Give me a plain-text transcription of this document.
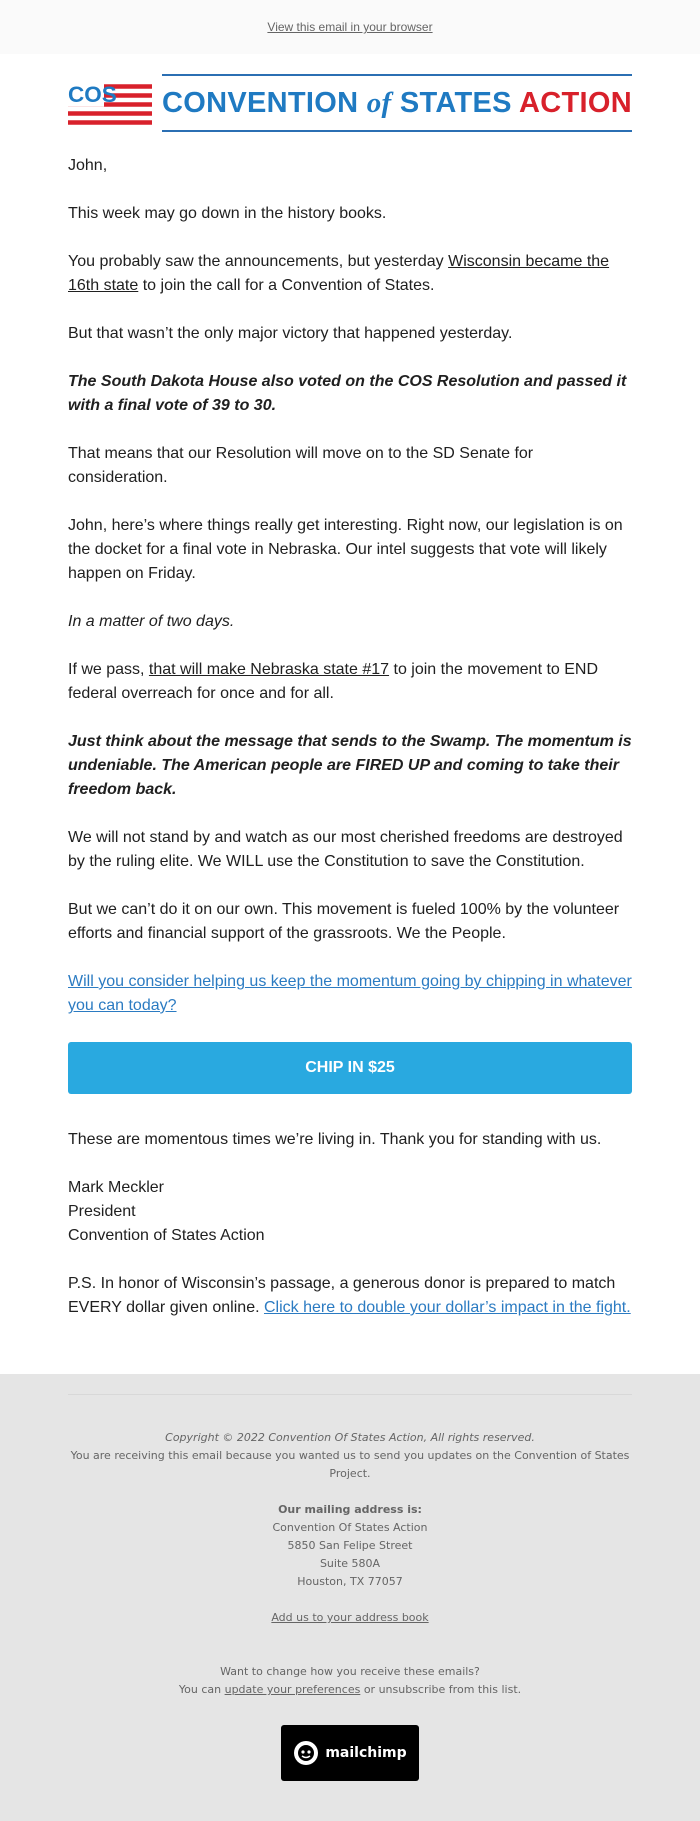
View this email in your browser
COS CONVENTION of STATES ACTION

John,

This week may go down in the history books.

You probably saw the announcements, but yesterday Wisconsin became the 16th state to join the call for a Convention of States.

But that wasn’t the only major victory that happened yesterday.

The South Dakota House also voted on the COS Resolution and passed it with a final vote of 39 to 30.

That means that our Resolution will move on to the SD Senate for consideration.

John, here’s where things really get interesting. Right now, our legislation is on the docket for a final vote in Nebraska. Our intel suggests that vote will likely happen on Friday.

In a matter of two days.

If we pass, that will make Nebraska state #17 to join the movement to END federal overreach for once and for all.

Just think about the message that sends to the Swamp. The momentum is undeniable. The American people are FIRED UP and coming to take their freedom back.

We will not stand by and watch as our most cherished freedoms are destroyed by the ruling elite. We WILL use the Constitution to save the Constitution.

But we can’t do it on our own. This movement is fueled 100% by the volunteer efforts and financial support of the grassroots. We the People.

Will you consider helping us keep the momentum going by chipping in whatever you can today?

CHIP IN $25

These are momentous times we’re living in. Thank you for standing with us.

Mark Meckler

President

Convention of States Action

P.S. In honor of Wisconsin’s passage, a generous donor is prepared to match EVERY dollar given online. Click here to double your dollar’s impact in the fight.

Copyright © 2022 Convention Of States Action, All rights reserved.
You are receiving this email because you wanted us to send you updates on the Convention of States Project.
Our mailing address is:
Convention Of States Action
5850 San Felipe Street
Suite 580A
Houston, TX 77057
Add us to your address book
Want to change how you receive these emails?
You can update your preferences or unsubscribe from this list.
mailchimp
